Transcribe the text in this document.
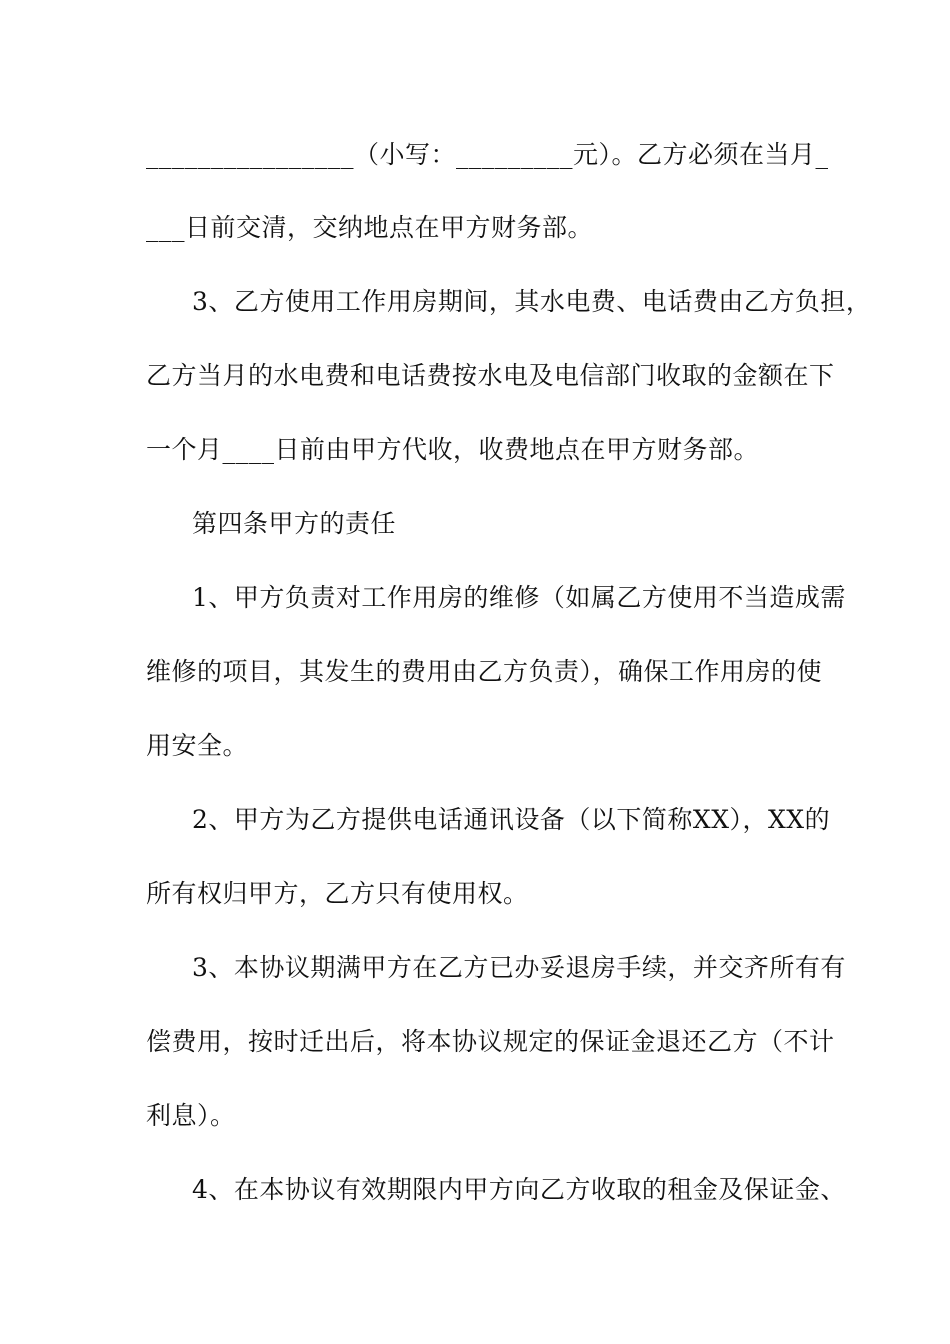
________________（小写：_________元）。乙方必须在当月_
___日前交清，交纳地点在甲方财务部。
3、乙方使用工作用房期间，其水电费、电话费由乙方负担，
乙方当月的水电费和电话费按水电及电信部门收取的金额在下
一个月____日前由甲方代收，收费地点在甲方财务部。
第四条甲方的责任
1、甲方负责对工作用房的维修（如属乙方使用不当造成需
维修的项目，其发生的费用由乙方负责），确保工作用房的使
用安全。
2、甲方为乙方提供电话通讯设备（以下简称XX），XX的
所有权归甲方，乙方只有使用权。
3、本协议期满甲方在乙方已办妥退房手续，并交齐所有有
偿费用，按时迁出后，将本协议规定的保证金退还乙方（不计
利息）。
4、在本协议有效期限内甲方向乙方收取的租金及保证金、
